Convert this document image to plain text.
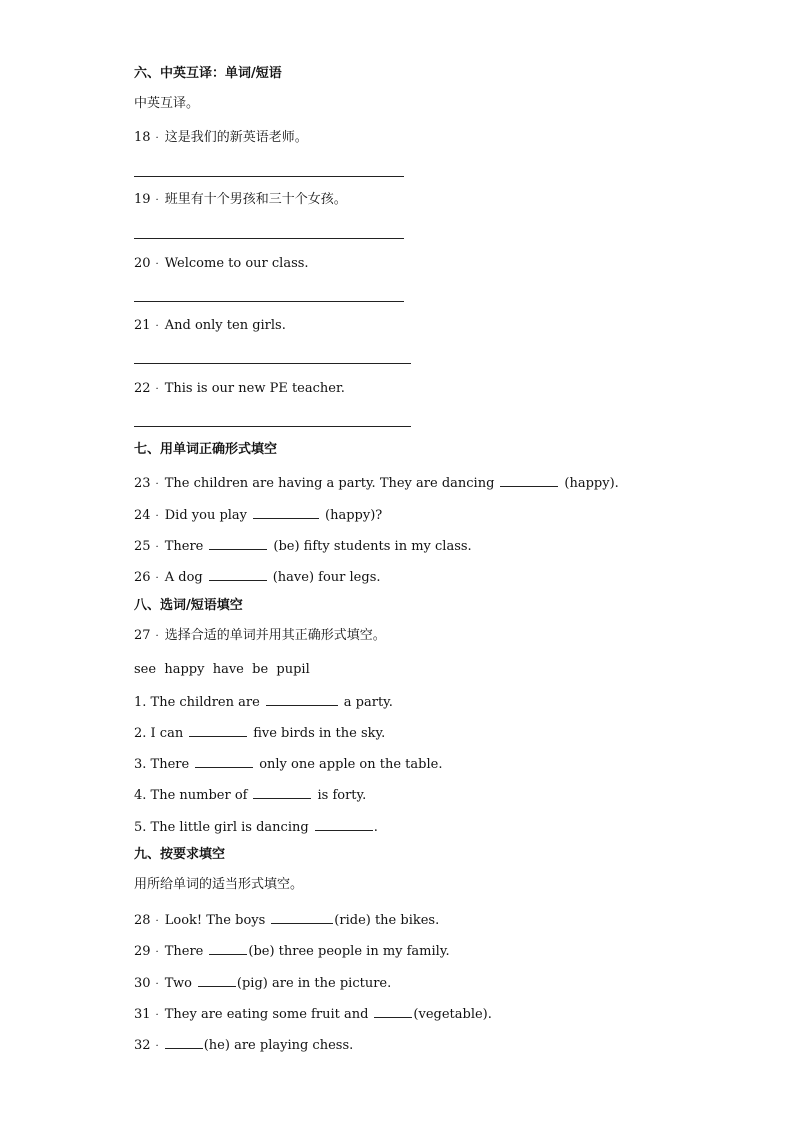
六、中英互译：单词/短语
中英互译。
18 · 这是我们的新英语老师。
19 · 班里有十个男孩和三十个女孩。
20 · Welcome to our class.
21 · And only ten girls.
22 · This is our new PE teacher.
七、用单词正确形式填空
23 · The children are having a party. They are dancing	(happy).
24 · Did you play	(happy)?
25 · There	(be) fifty students in my class.
26 · A dog	(have) four legs.
八、选词/短语填空
27 · 选择合适的单词并用其正确形式填空。
see  happy  have  be  pupil
1. The children are	a party.
2. I can	five birds in the sky.
3. There	only one apple on the table.
4. The number of	is forty.
5. The little girl is dancing	.
九、按要求填空
用所给单词的适当形式填空。
28 · Look! The boys	(ride) the bikes.
29 · There	(be) three people in my family.
30 · Two	(pig) are in the picture.
31 · They are eating some fruit and	(vegetable).
32 ·	(he) are playing chess.
